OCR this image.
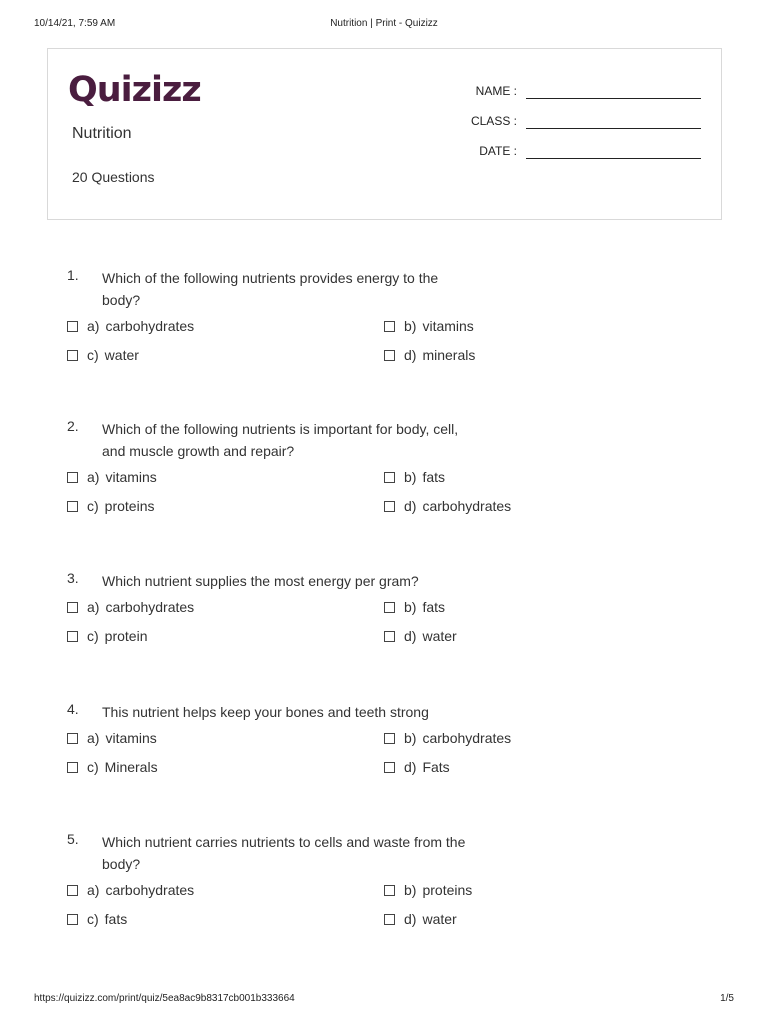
10/14/21, 7:59 AM	Nutrition | Print - Quizizz
Quizizz
Nutrition
20 Questions
NAME :
CLASS :
DATE :
1. Which of the following nutrients provides energy to the body?
a) carbohydrates	b) vitamins
c) water	d) minerals
2. Which of the following nutrients is important for body, cell, and muscle growth and repair?
a) vitamins	b) fats
c) proteins	d) carbohydrates
3. Which nutrient supplies the most energy per gram?
a) carbohydrates	b) fats
c) protein	d) water
4. This nutrient helps keep your bones and teeth strong
a) vitamins	b) carbohydrates
c) Minerals	d) Fats
5. Which nutrient carries nutrients to cells and waste from the body?
a) carbohydrates	b) proteins
c) fats	d) water
https://quizizz.com/print/quiz/5ea8ac9b8317cb001b333664	1/5
